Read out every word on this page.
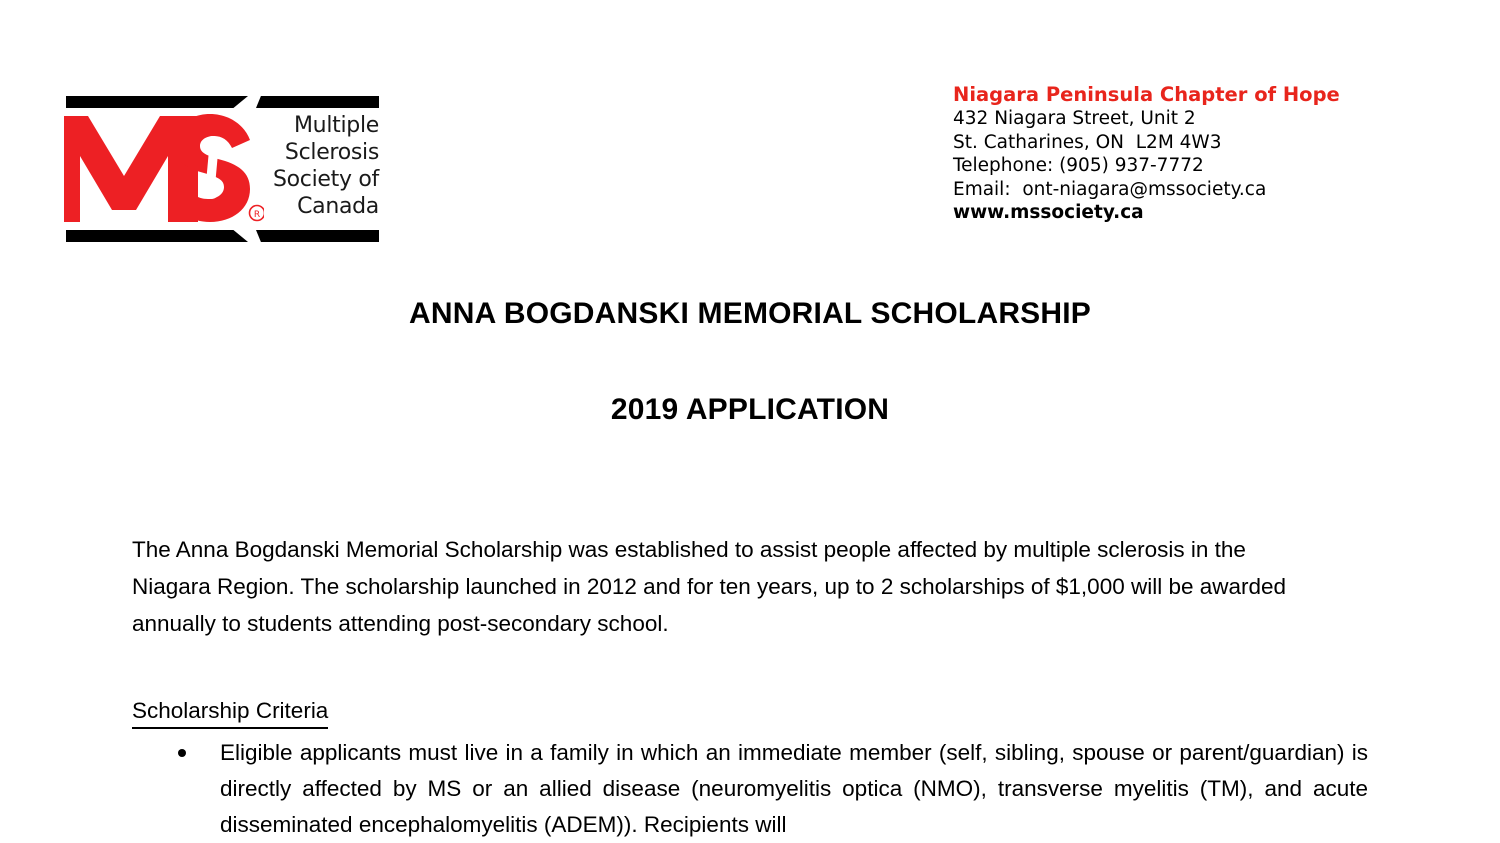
R
Multiple
Sclerosis
Society of
Canada
Niagara Peninsula Chapter of Hope
432 Niagara Street, Unit 2
St. Catharines, ON  L2M 4W3
Telephone: (905) 937-7772
Email:  ont-niagara@mssociety.ca
www.mssociety.ca
ANNA BOGDANSKI MEMORIAL SCHOLARSHIP
2019 APPLICATION

The Anna Bogdanski Memorial Scholarship was established to assist people affected by multiple sclerosis in the Niagara Region. The scholarship launched in 2012 and for ten years, up to 2 scholarships of $1,000 will be awarded annually to students attending post-secondary school.

Scholarship Criteria
Eligible applicants must live in a family in which an immediate member (self, sibling, spouse or parent/guardian) is directly affected by MS or an allied disease (neuromyelitis optica (NMO), transverse myelitis (TM), and acute disseminated encephalomyelitis (ADEM)). Recipients will
